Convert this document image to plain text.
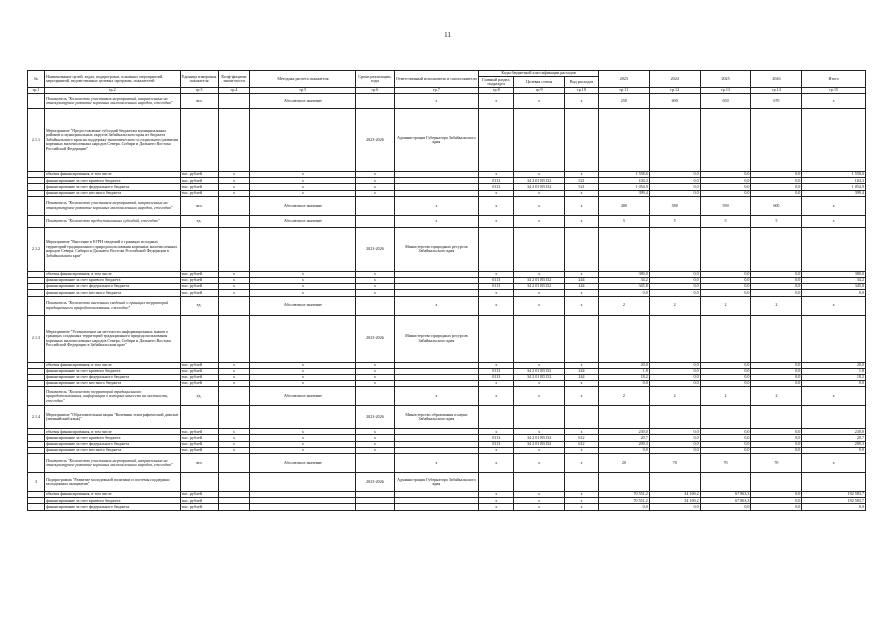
11
№	Наименование целей, задач, подпрограмм, основных мероприятий, мероприятий, ведомственных целевых программ, показателей	Единица измерения показателя	Коэф-фициент значи-мости	Методика расчета показателя	Сроки реализации, годы	Ответственный исполнитель и соисполнители	Коды бюджетной классификации расходов			2023	2024	2025	2026	Итого
							Главный раздел, подраздел	Целевая статья	Вид расходов					
гр.1	гр.2	гр.3	гр.4	гр.5	гр.6	гр.7	гр.8	гр.9	гр.10	гр.11	гр.12	гр.13	гр.14	гр.15
	Показатель "Количество участников мероприятий, направленных на этнокультурное развитие коренных малочисленных народов, ежегодно"	чел.		Абсолютное значение		х	х	х	х	250	600	650	670	х
2.1.1	Мероприятие "Предоставление субсидий бюджетам муниципальных районов и муниципальных округов Забайкальского края из бюджета Забайкальского края на поддержку экономического и социального развития коренных малочисленных народов Севера, Сибири и Дальнего Востока Российской Федерации"				2023-2026	Администрация Губернатора Забайкальского края								
	объемы финансирования, в том числе	тыс. рублей	х	х	х		х	х	х	1 558,6	0,0	0,0	0,0	1 558,6
	финансирование за счет краевого бюджета	тыс. рублей	х	х	х		0113	34 2 01 R5152	521	104,3	0,0	0,0	0,0	104,3
	финансирование за счет федерального бюджета	тыс. рублей	х	х	х		0113	34 2 01 R5152	521	1 054,9	0,0	0,0	0,0	1 054,9
	финансирование за счет местного бюджета	тыс. рублей	х	х	х		х	х	х	399,4	0,0	0,0	0,0	399,4
	Показатель "Количество участников мероприятий, направленных на этнокультурное развитие коренных малочисленных народов, ежегодно"	чел.		Абсолютное значение		х	х	х	х	480	580	590	600	х
	Показатель "Количество предоставленных субсидий, ежегодно"	ед.		Абсолютное значение		х	х	х	х	5	5	5	5	х
2.1.2	Мероприятие "Внесение в ЕГРН сведений о границах исходных территорий традиционного природопользования коренных малочисленных народов Севера, Сибири и Дальнего Востока Российской Федерации в Забайкальском крае"				2023-2026	Министерство природных ресурсов Забайкальского края								
	объемы финансирования, в том числе	тыс. рублей	х	х	х		х	х	х	380,0	0,0	0,0	0,0	380,0
	финансирование за счет краевого бюджета	тыс. рублей	х	х	х		0113	34 2 01 R5152	244	34,2	0,0	0,0	0,0	34,2
	финансирование за счет федерального бюджета	тыс. рублей	х	х	х		0113	34 2 01 R5152	244	345,8	0,0	0,0	0,0	345,8
	финансирование за счет местного бюджета	тыс. рублей	х	х	х		х	х	х	0,0	0,0	0,0	0,0	0,0
	Показатель "Количество внесенных сведений о границах территорий традиционного природопользования, ежегодно"	ед.		Абсолютное значение		х	х	х	х	2	2	2	2	х
2.1.3	Мероприятие "Установление на местности информационных знаков о границах созданных территорий традиционного природопользования коренных малочисленных народов Севера, Сибири и Дальнего Востока Российской Федерации в Забайкальском крае"				2023-2026	Министерство природных ресурсов Забайкальского края								
	объемы финансирования, в том числе	тыс. рублей	х	х	х		х	х	х	20,0	0,0	0,0	0,0	20,0
	финансирование за счет краевого бюджета	тыс. рублей	х	х	х		0113	34 2 01 R5152	244	1,8	0,0	0,0	0,0	1,8
	финансирование за счет федерального бюджета	тыс. рублей	х	х	х		0113	34 2 01 R5152	244	18,2	0,0	0,0	0,0	18,2
	финансирование за счет местного бюджета	тыс. рублей	х	х	х		х	х	х	0,0	0,0	0,0	0,0	0,0
	Показатель "Количество территорий традиционного природопользования, информация о которых нанесена на местности, ежегодно"	ед.		Абсолютное значение		х	х	х	х	2	2	2	2	х
2.1.4	Мероприятие "Образовательная акция "Кочевник этнографический диктант (эвенкийский язык)"				2023-2026	Министерство образования и науки Забайкальского края								
	объемы финансирования, в том числе	тыс. рублей	х	х	х		х	х	х	230,0	0,0	0,0	0,0	230,0
	финансирование за счет краевого бюджета	тыс. рублей	х	х	х		0113	34 2 01 R5152	612	20,7	0,0	0,0	0,0	20,7
	финансирование за счет федерального бюджета	тыс. рублей	х	х	х		0113	34 2 01 R5152	612	209,3	0,0	0,0	0,0	209,3
	финансирование за счет местного бюджета	тыс. рублей	х	х	х		х	х	х	0,0	0,0	0,0	0,0	0,0
	Показатель "Количество участников мероприятий, направленных на этнокультурное развитие коренных малочисленных народов, ежегодно"	чел.		Абсолютное значение		х	х	х	х	20	70	70	70	х
3	Подпрограмма "Развитие молодежной политики и системы поддержки молодежных инициатив"				2023-2026	Администрация Губернатора Забайкальского края								
	объемы финансирования, в том числе	тыс. рублей					х	х	х	70 551,2	34 169,2	67 863,3	0,0	192 583,7
	финансирование за счет краевого бюджета	тыс. рублей					х	х	х	70 551,2	34 169,2	67 863,3	0,0	192 583,7
	финансирование за счет федерального бюджета	тыс. рублей					х	х	х	0,0	0,0	0,0	0,0	0,0
